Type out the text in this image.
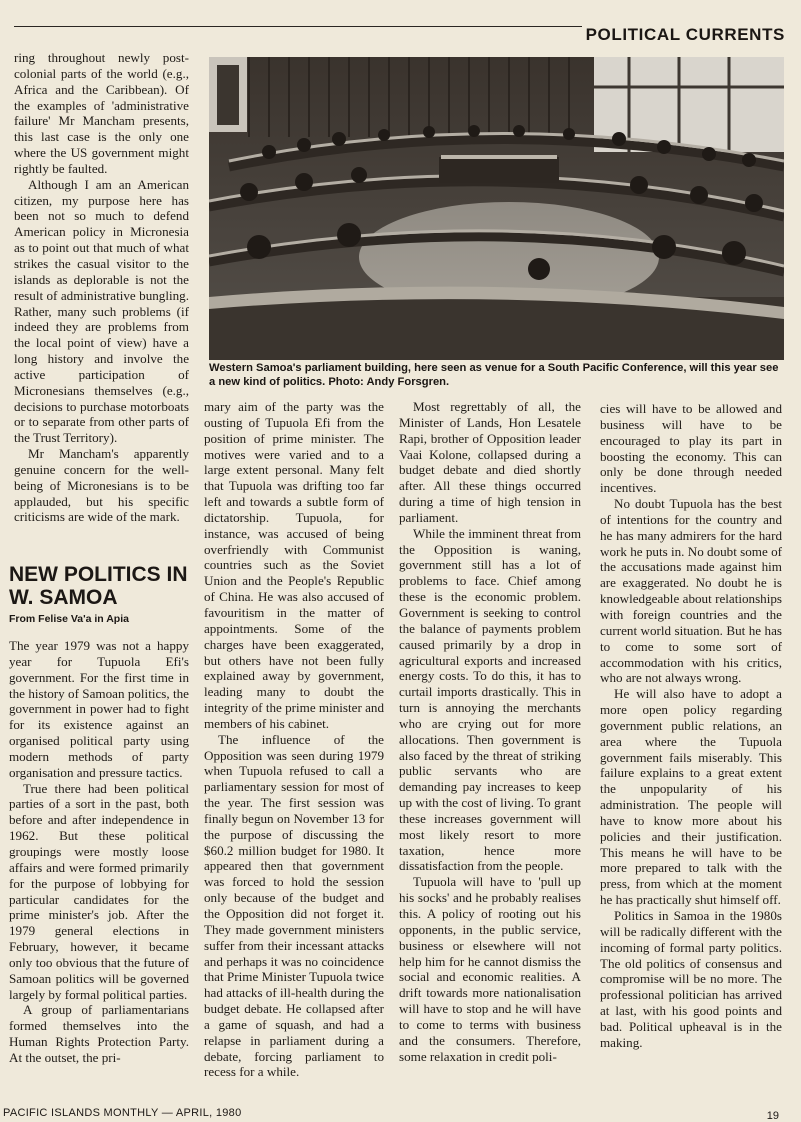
POLITICAL CURRENTS
Western Samoa's parliament building, here seen as venue for a South Pacific Conference, will this year see a new kind of politics. Photo: Andy Forsgren.

ring throughout newly post-colonial parts of the world (e.g., Africa and the Caribbean). Of the examples of 'administrative failure' Mr Mancham presents, this last case is the only one where the US government might rightly be faulted.

Although I am an American citizen, my purpose here has been not so much to defend American policy in Micronesia as to point out that much of what strikes the casual visitor to the islands as deplorable is not the result of administrative bungling. Rather, many such problems (if indeed they are problems from the local point of view) have a long history and involve the active participation of Micronesians themselves (e.g., decisions to purchase motorboats or to separate from other parts of the Trust Territory).

Mr Mancham's apparently genuine concern for the well-being of Micronesians is to be applauded, but his specific criticisms are wide of the mark.

NEW POLITICS IN W. SAMOA
From Felise Va'a in Apia

The year 1979 was not a happy year for Tupuola Efi's government. For the first time in the history of Samoan politics, the government in power had to fight for its existence against an organised political party using modern methods of party organisation and pressure tactics.

True there had been political parties of a sort in the past, both before and after independence in 1962. But these political groupings were mostly loose affairs and were formed primarily for the purpose of lobbying for particular candidates for the prime minister's job. After the 1979 general elections in February, however, it became only too obvious that the future of Samoan politics will be governed largely by formal political parties.

A group of parliamentarians formed themselves into the Human Rights Protection Party. At the outset, the pri-

mary aim of the party was the ousting of Tupuola Efi from the position of prime minister. The motives were varied and to a large extent personal. Many felt that Tupuola was drifting too far left and towards a subtle form of dictatorship. Tupuola, for instance, was accused of being overfriendly with Communist countries such as the Soviet Union and the People's Republic of China. He was also accused of favouritism in the matter of appointments. Some of the charges have been exaggerated, but others have not been fully explained away by government, leading many to doubt the integrity of the prime minister and members of his cabinet.

The influence of the Opposition was seen during 1979 when Tupuola refused to call a parliamentary session for most of the year. The first session was finally begun on November 13 for the purpose of discussing the $60.2 million budget for 1980. It appeared then that government was forced to hold the session only because of the budget and the Opposition did not forget it. They made government ministers suffer from their incessant attacks and perhaps it was no coincidence that Prime Minister Tupuola twice had attacks of ill-health during the budget debate. He collapsed after a game of squash, and had a relapse in parliament during a debate, forcing parliament to recess for a while.

Most regrettably of all, the Minister of Lands, Hon Lesatele Rapi, brother of Opposition leader Vaai Kolone, collapsed during a budget debate and died shortly after. All these things occurred during a time of high tension in parliament.

While the imminent threat from the Opposition is waning, government still has a lot of problems to face. Chief among these is the economic problem. Government is seeking to control the balance of payments problem caused primarily by a drop in agricultural exports and increased energy costs. To do this, it has to curtail imports drastically. This in turn is annoying the merchants who are crying out for more allocations. Then government is also faced by the threat of striking public servants who are demanding pay increases to keep up with the cost of living. To grant these increases government will most likely resort to more taxation, hence more dissatisfaction from the people.

Tupuola will have to 'pull up his socks' and he probably realises this. A policy of rooting out his opponents, in the public service, business or elsewhere will not help him for he cannot dismiss the social and economic realities. A drift towards more nationalisation will have to stop and he will have to come to terms with business and the consumers. Therefore, some relaxation in credit poli-

cies will have to be allowed and business will have to be encouraged to play its part in boosting the economy. This can only be done through needed incentives.

No doubt Tupuola has the best of intentions for the country and he has many admirers for the hard work he puts in. No doubt some of the accusations made against him are exaggerated. No doubt he is knowledgeable about relationships with foreign countries and the current world situation. But he has to come to some sort of accommodation with his critics, who are not always wrong.

He will also have to adopt a more open policy regarding government public relations, an area where the Tupuola government fails miserably. This failure explains to a great extent the unpopularity of his administration. The people will have to know more about his policies and their justification. This means he will have to be more prepared to talk with the press, from which at the moment he has practically shut himself off.

Politics in Samoa in the 1980s will be radically different with the incoming of formal party politics. The old politics of consensus and compromise will be no more. The professional politician has arrived at last, with his good points and bad. Political upheaval is in the making.

PACIFIC ISLANDS MONTHLY — APRIL, 1980	19
